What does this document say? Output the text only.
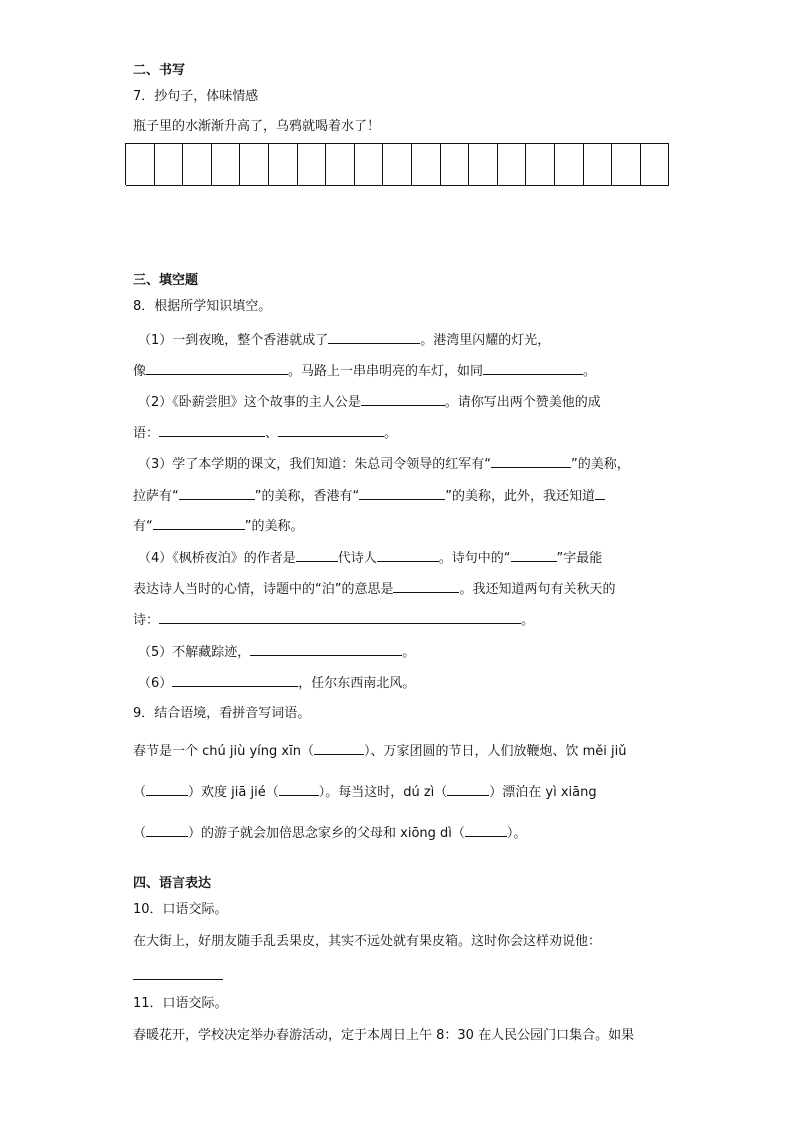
二、书写
7．抄句子，体味情感
瓶子里的水渐渐升高了，乌鸦就喝着水了！
三、填空题
8．根据所学知识填空。
（1）一到夜晚，整个香港就成了	。港湾里闪耀的灯光，
像	。马路上一串串明亮的车灯，如同	。
（2）《卧薪尝胆》这个故事的主人公是	。请你写出两个赞美他的成
语：	、	。
（3）学了本学期的课文，我们知道：朱总司令领导的红军有“	”的美称，
拉萨有“	”的美称，香港有“	”的美称，此外，我还知道
有“	”的美称。
（4）《枫桥夜泊》的作者是	代诗人	。诗句中的“	”字最能
表达诗人当时的心情，诗题中的“泊”的意思是	。我还知道两句有关秋天的
诗：	。
（5）不解藏踪迹，	。
（6）	，任尔东西南北风。
9．结合语境，看拼音写词语。
春节是一个 chú jiù yíng xīn（	）、万家团圆的节日，人们放鞭炮、饮 měi jiǔ
（	）欢度 jiā jié（	）。每当这时，dú zì（	）漂泊在 yì xiāng
（	）的游子就会加倍思念家乡的父母和 xiōng dì（	）。
四、语言表达
10．口语交际。
在大街上，好朋友随手乱丢果皮，其实不远处就有果皮箱。这时你会这样劝说他：
11．口语交际。
春暖花开，学校决定举办春游活动，定于本周日上午 8：30 在人民公园门口集合。如果
